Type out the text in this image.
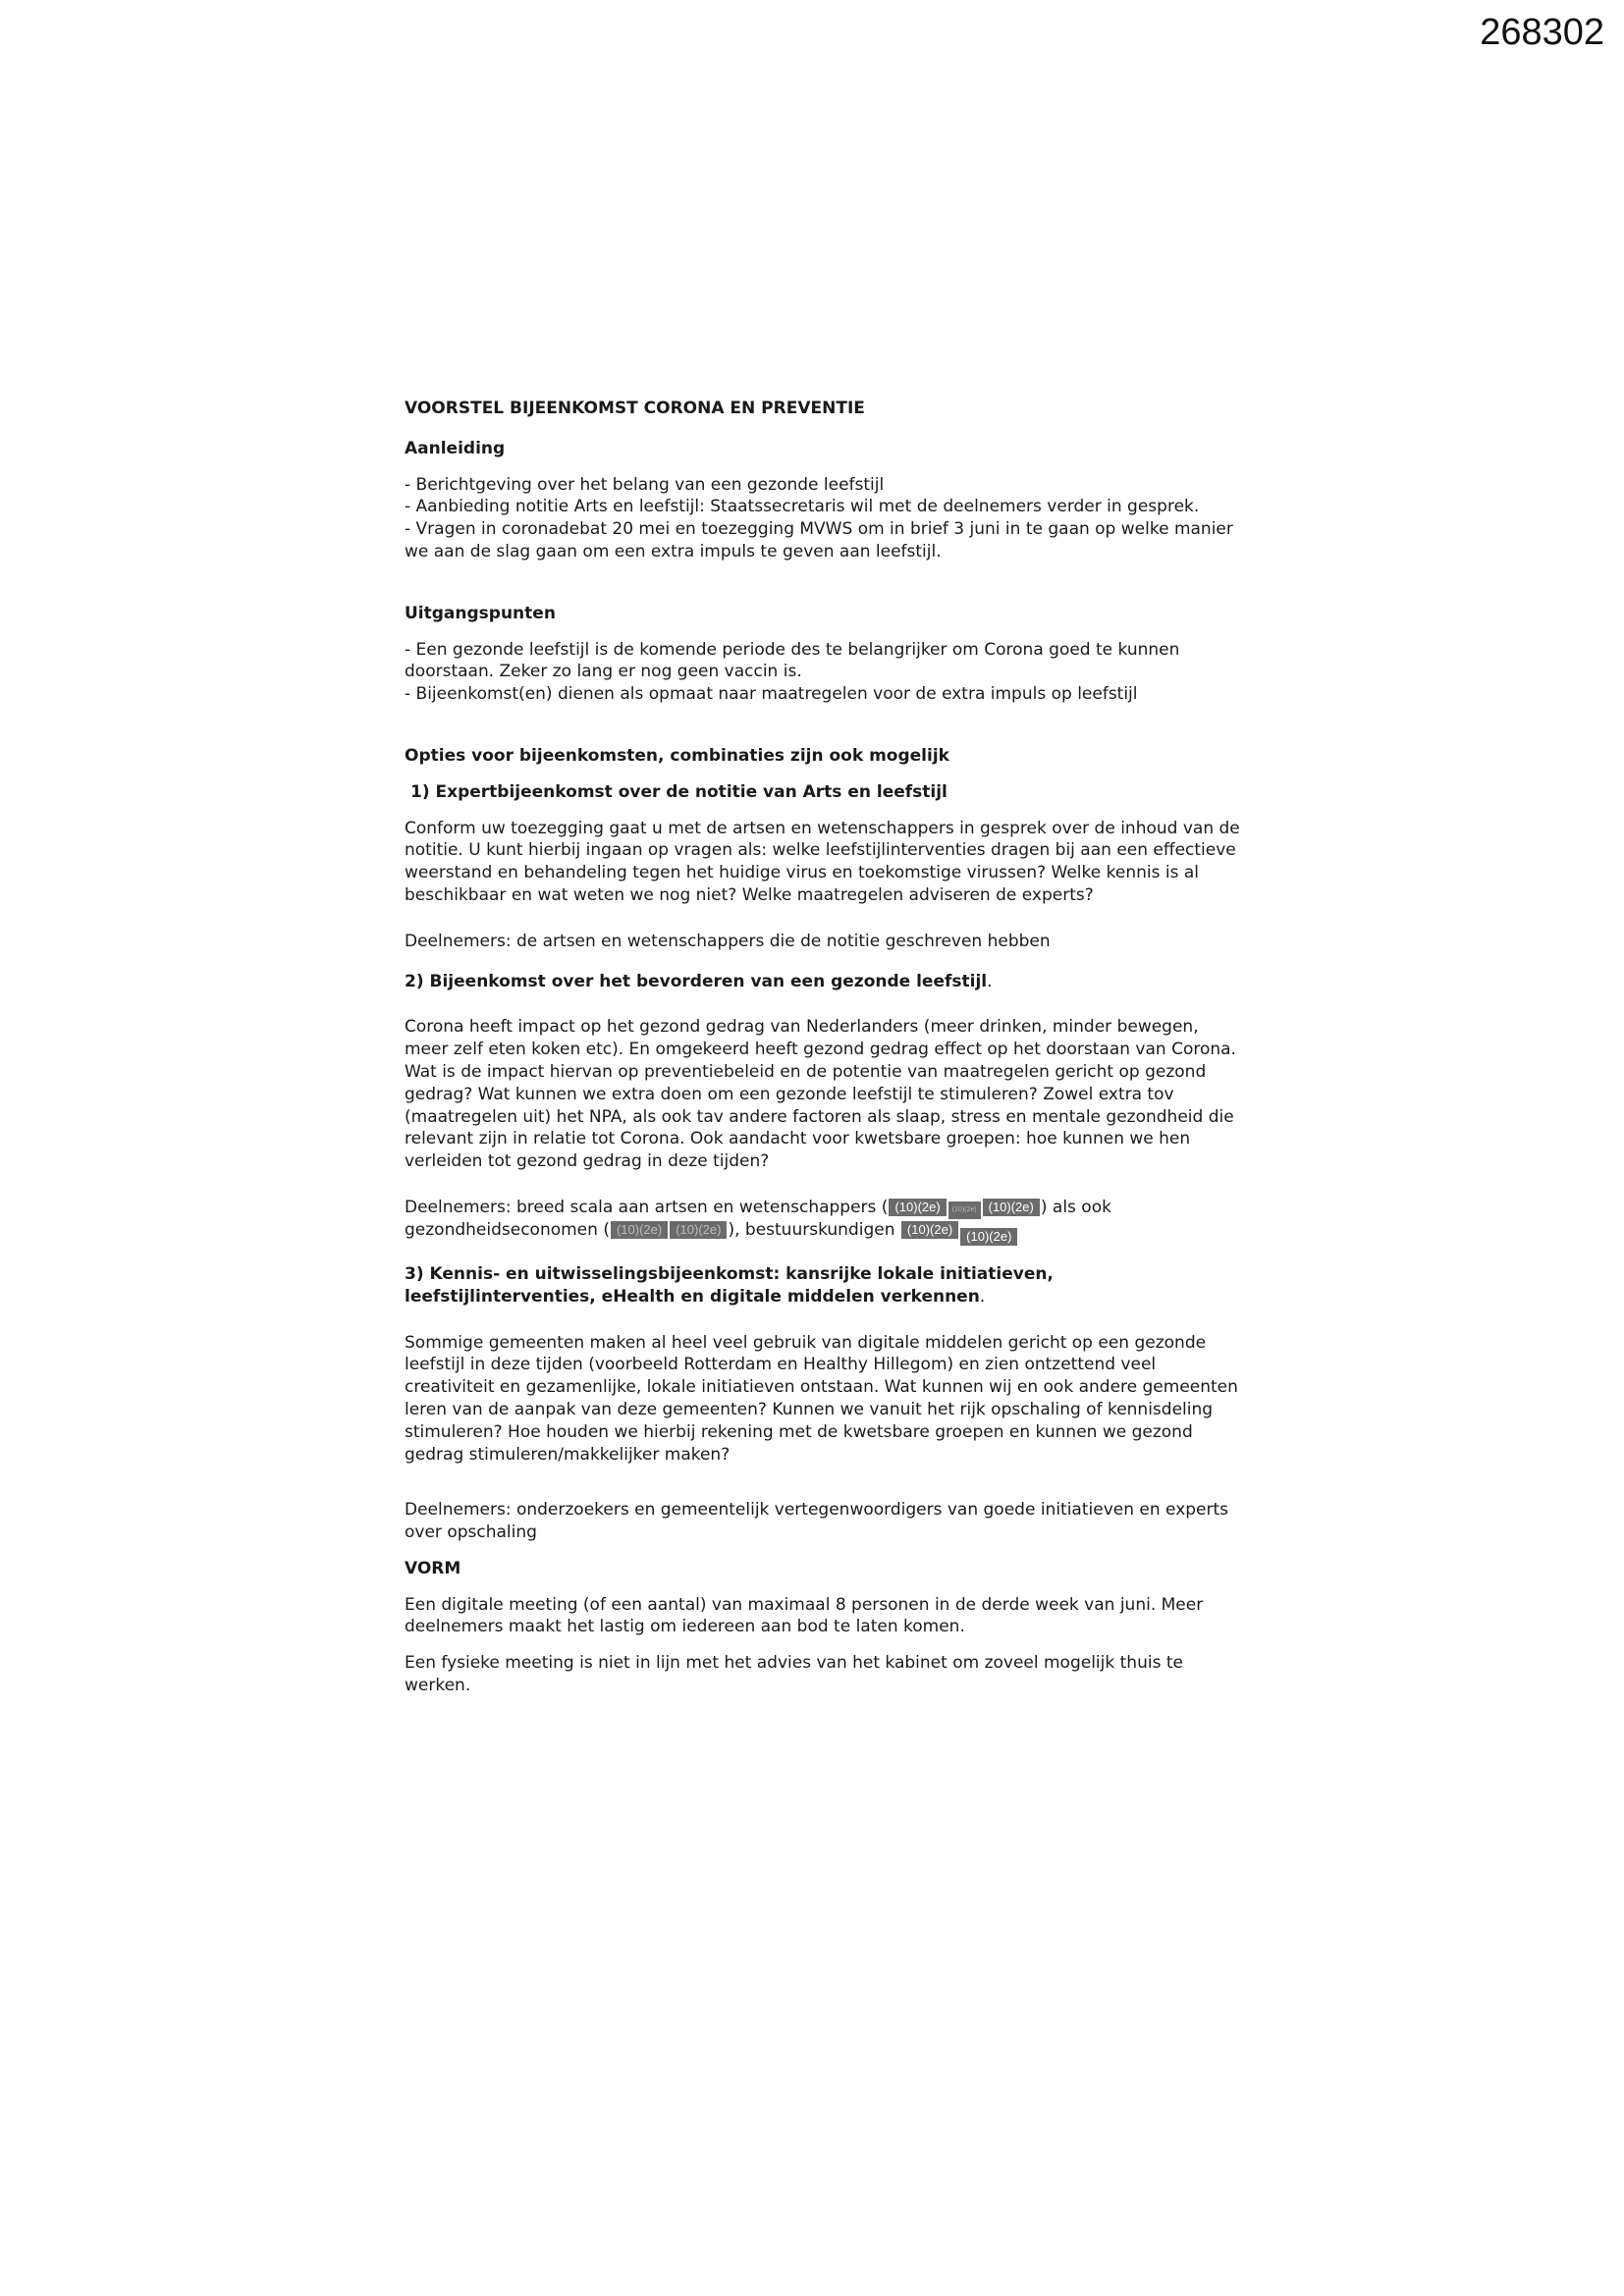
268302

VOORSTEL BIJEENKOMST CORONA EN PREVENTIE

Aanleiding

- Berichtgeving over het belang van een gezonde leefstijl

- Aanbieding notitie Arts en leefstijl: Staatssecretaris wil met de deelnemers verder in gesprek.

- Vragen in coronadebat 20 mei en toezegging MVWS om in brief 3 juni in te gaan op welke manier we aan de slag gaan om een extra impuls te geven aan leefstijl.

Uitgangspunten

- Een gezonde leefstijl is de komende periode des te belangrijker om Corona goed te kunnen doorstaan. Zeker zo lang er nog geen vaccin is.

- Bijeenkomst(en) dienen als opmaat naar maatregelen voor de extra impuls op leefstijl

Opties voor bijeenkomsten, combinaties zijn ook mogelijk

1) Expertbijeenkomst over de notitie van Arts en leefstijl

Conform uw toezegging gaat u met de artsen en wetenschappers in gesprek over de inhoud van de notitie. U kunt hierbij ingaan op vragen als: welke leefstijlinterventies dragen bij aan een effectieve weerstand en behandeling tegen het huidige virus en toekomstige virussen? Welke kennis is al beschikbaar en wat weten we nog niet? Welke maatregelen adviseren de experts?

Deelnemers: de artsen en wetenschappers die de notitie geschreven hebben

2) Bijeenkomst over het bevorderen van een gezonde leefstijl.

Corona heeft impact op het gezond gedrag van Nederlanders (meer drinken, minder bewegen, meer zelf eten koken etc). En omgekeerd heeft gezond gedrag effect op het doorstaan van Corona. Wat is de impact hiervan op preventiebeleid en de potentie van maatregelen gericht op gezond gedrag? Wat kunnen we extra doen om een gezonde leefstijl te stimuleren? Zowel extra tov (maatregelen uit) het NPA, als ook tav andere factoren als slaap, stress en mentale gezondheid die relevant zijn in relatie tot Corona. Ook aandacht voor kwetsbare groepen: hoe kunnen we hen verleiden tot gezond gedrag in deze tijden?

Deelnemers: breed scala aan artsen en wetenschappers ( (10)(2e) (10)(2e) (10)(2e) ) als ook
gezondheidseconomen ( (10)(2e) (10)(2e) ), bestuurskundigen (10)(2e) (10)(2e)

3) Kennis- en uitwisselingsbijeenkomst: kansrijke lokale initiatieven,
leefstijlinterventies, eHealth en digitale middelen verkennen.

Sommige gemeenten maken al heel veel gebruik van digitale middelen gericht op een gezonde leefstijl in deze tijden (voorbeeld Rotterdam en Healthy Hillegom) en zien ontzettend veel creativiteit en gezamenlijke, lokale initiatieven ontstaan. Wat kunnen wij en ook andere gemeenten leren van de aanpak van deze gemeenten? Kunnen we vanuit het rijk opschaling of kennisdeling stimuleren? Hoe houden we hierbij rekening met de kwetsbare groepen en kunnen we gezond gedrag stimuleren/makkelijker maken?

Deelnemers: onderzoekers en gemeentelijk vertegenwoordigers van goede initiatieven en experts over opschaling

VORM

Een digitale meeting (of een aantal) van maximaal 8 personen in de derde week van juni. Meer deelnemers maakt het lastig om iedereen aan bod te laten komen.

Een fysieke meeting is niet in lijn met het advies van het kabinet om zoveel mogelijk thuis te werken.
